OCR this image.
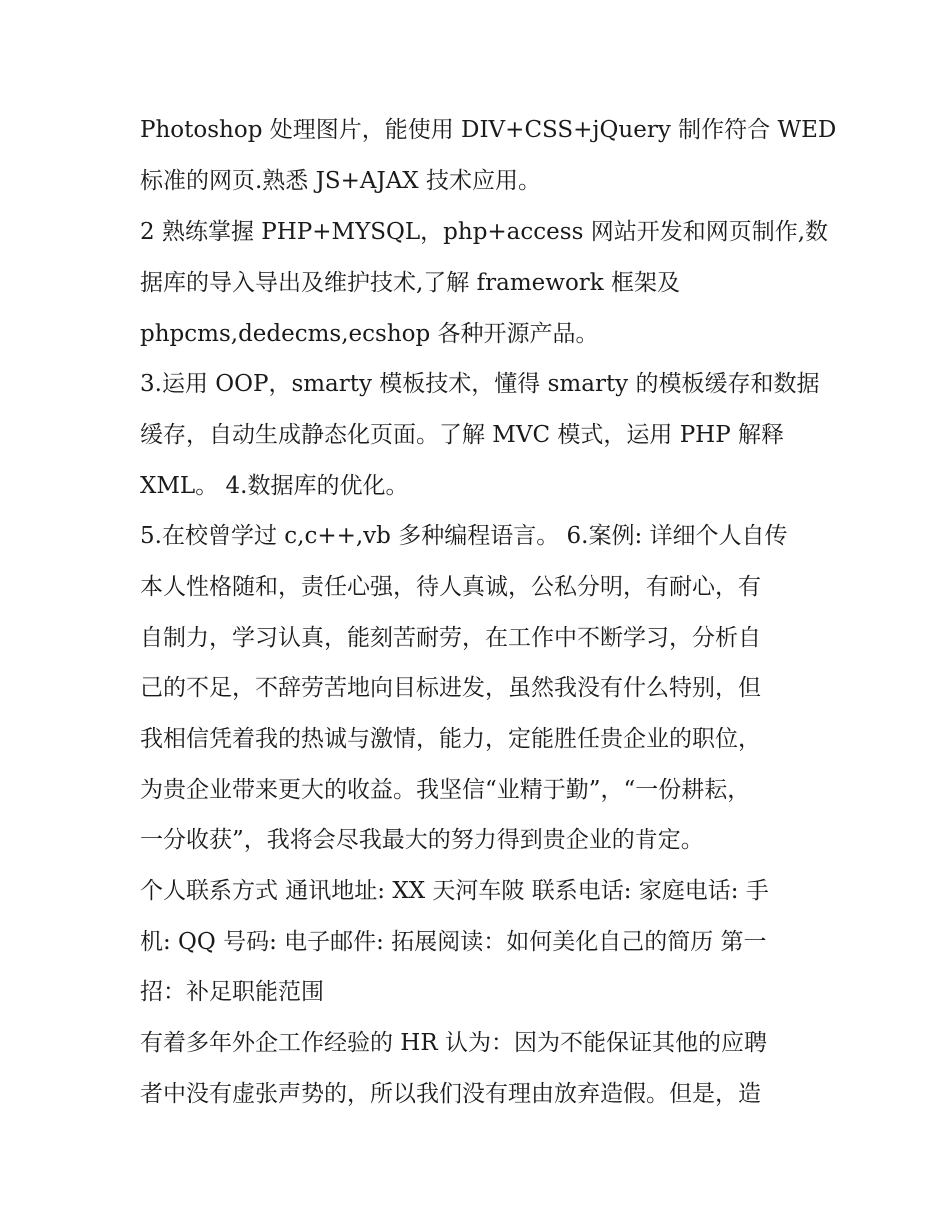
Photoshop 处理图片，能使用 DIV+CSS+jQuery 制作符合 WED
标准的网页.熟悉 JS+AJAX 技术应用。
2 熟练掌握 PHP+MYSQL，php+access 网站开发和网页制作,数
据库的导入导出及维护技术,了解 framework 框架及
phpcms,dedecms,ecshop 各种开源产品。
3.运用 OOP，smarty 模板技术，懂得 smarty 的模板缓存和数据
缓存，自动生成静态化页面。了解 MVC 模式，运用 PHP 解释
XML。 4.数据库的优化。
5.在校曾学过 c,c++,vb 多种编程语言。 6.案例: 详细个人自传
本人性格随和，责任心强，待人真诚，公私分明，有耐心，有
自制力，学习认真，能刻苦耐劳，在工作中不断学习，分析自
己的不足，不辞劳苦地向目标进发，虽然我没有什么特别，但
我相信凭着我的热诚与激情，能力，定能胜任贵企业的职位，
为贵企业带来更大的收益。我坚信“业精于勤”，“一份耕耘，
一分收获”，我将会尽我最大的努力得到贵企业的肯定。
个人联系方式 通讯地址: XX 天河车陂 联系电话: 家庭电话: 手
机: QQ 号码: 电子邮件: 拓展阅读：如何美化自己的简历 第一
招：补足职能范围
有着多年外企工作经验的 HR 认为：因为不能保证其他的应聘
者中没有虚张声势的，所以我们没有理由放弃造假。但是，造
